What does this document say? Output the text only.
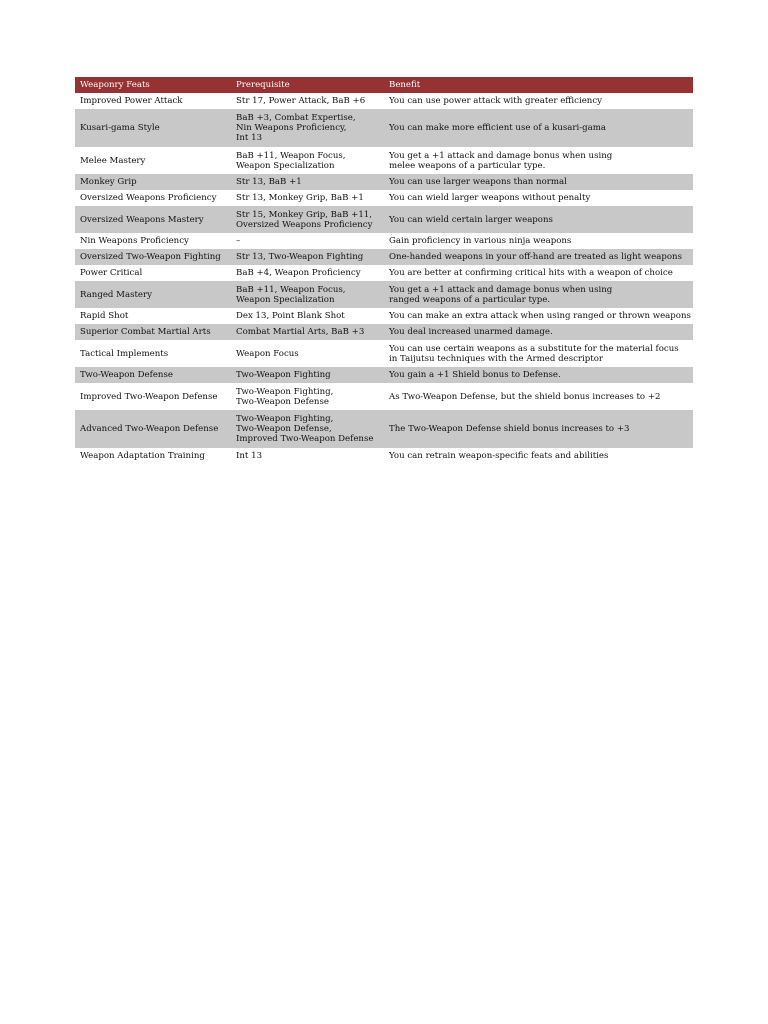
Weaponry Feats	Prerequisite	Benefit
Improved Power Attack	Str 17, Power Attack, BaB +6	You can use power attack with greater efficiency

Kusari-gama Style	BaB +3, Combat Expertise,
Nin Weapons Proficiency,
Int 13	You can make more efficient use of a kusari-gama

Melee Mastery	BaB +11, Weapon Focus,
Weapon Specialization	You get a +1 attack and damage bonus when using
melee weapons of a particular type.

Monkey Grip	Str 13, BaB +1	You can use larger weapons than normal

Oversized Weapons Proficiency	Str 13, Monkey Grip, BaB +1	You can wield larger weapons without penalty

Oversized Weapons Mastery	Str 15, Monkey Grip, BaB +11,
Oversized Weapons Proficiency	You can wield certain larger weapons

Nin Weapons Proficiency	–	Gain proficiency in various ninja weapons

Oversized Two-Weapon Fighting	Str 13, Two-Weapon Fighting	One-handed weapons in your off-hand are treated as light weapons

Power Critical	BaB +4, Weapon Proficiency	You are better at confirming critical hits with a weapon of choice

Ranged Mastery	BaB +11, Weapon Focus,
Weapon Specialization	You get a +1 attack and damage bonus when using
ranged weapons of a particular type.

Rapid Shot	Dex 13, Point Blank Shot	You can make an extra attack when using ranged or thrown weapons

Superior Combat Martial Arts	Combat Martial Arts, BaB +3	You deal increased unarmed damage.

Tactical Implements	Weapon Focus	You can use certain weapons as a substitute for the material focus
in Taijutsu techniques with the Armed descriptor

Two-Weapon Defense	Two-Weapon Fighting	You gain a +1 Shield bonus to Defense.

Improved Two-Weapon Defense	Two-Weapon Fighting,
Two-Weapon Defense	As Two-Weapon Defense, but the shield bonus increases to +2

Advanced Two-Weapon Defense	Two-Weapon Fighting,
Two-Weapon Defense,
Improved Two-Weapon Defense	The Two-Weapon Defense shield bonus increases to +3

Weapon Adaptation Training	Int 13	You can retrain weapon-specific feats and abilities
